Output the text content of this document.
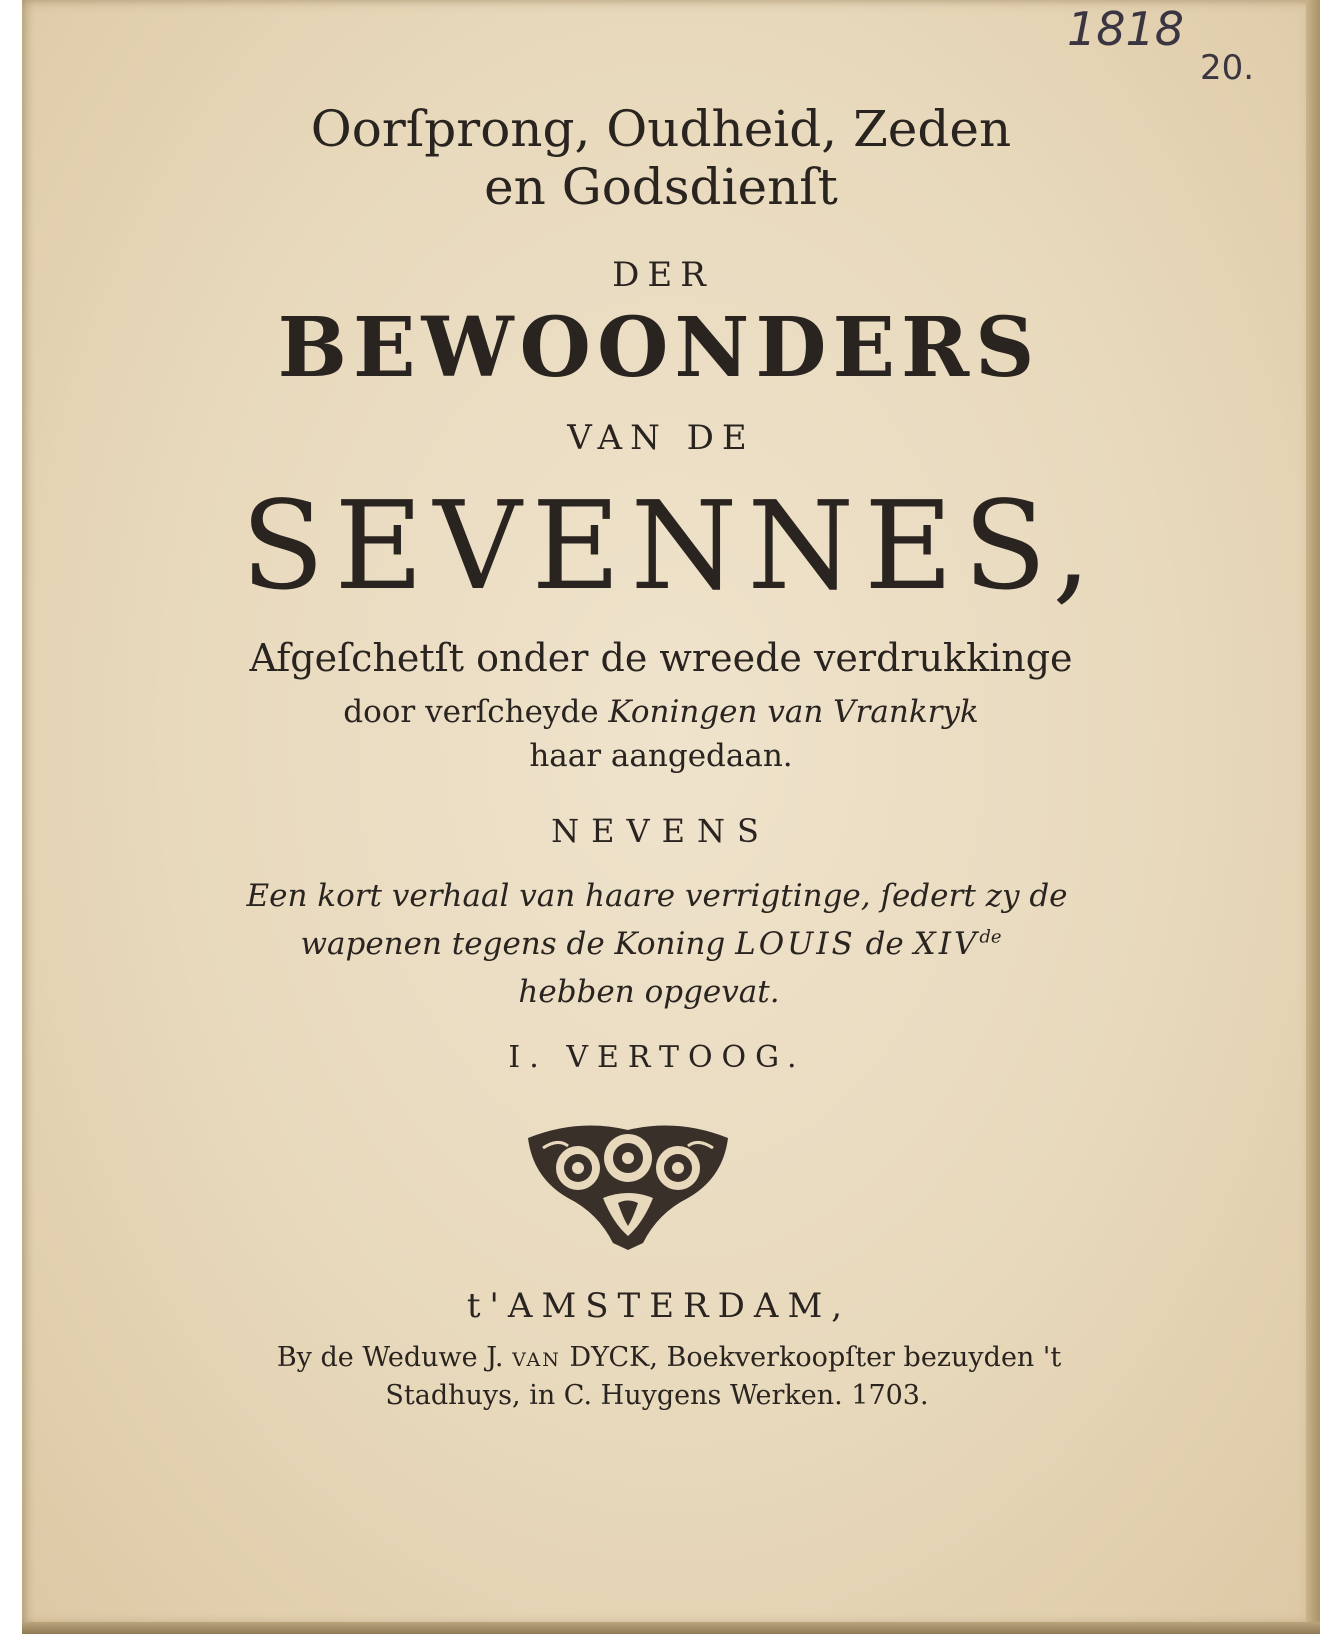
1818
20.
Oorſprong, Oudheid, Zeden
en Godsdienſt
DER
BEWOONDERS
VAN DE
SEVENNES,
Afgeſchetſt onder de wreede verdrukkinge
door verſcheyde Koningen van Vrankryk
haar aangedaan.
NEVENS
Een kort verhaal van haare verrigtinge, ſedert zy de
wapenen tegens de Koning LOUIS de XIVde
hebben opgevat.
I. VERTOOG.
t'AMSTERDAM,
By de Weduwe J. van DYCK, Boekverkoopſter bezuyden 't
Stadhuys, in C. Huygens Werken. 1703.
